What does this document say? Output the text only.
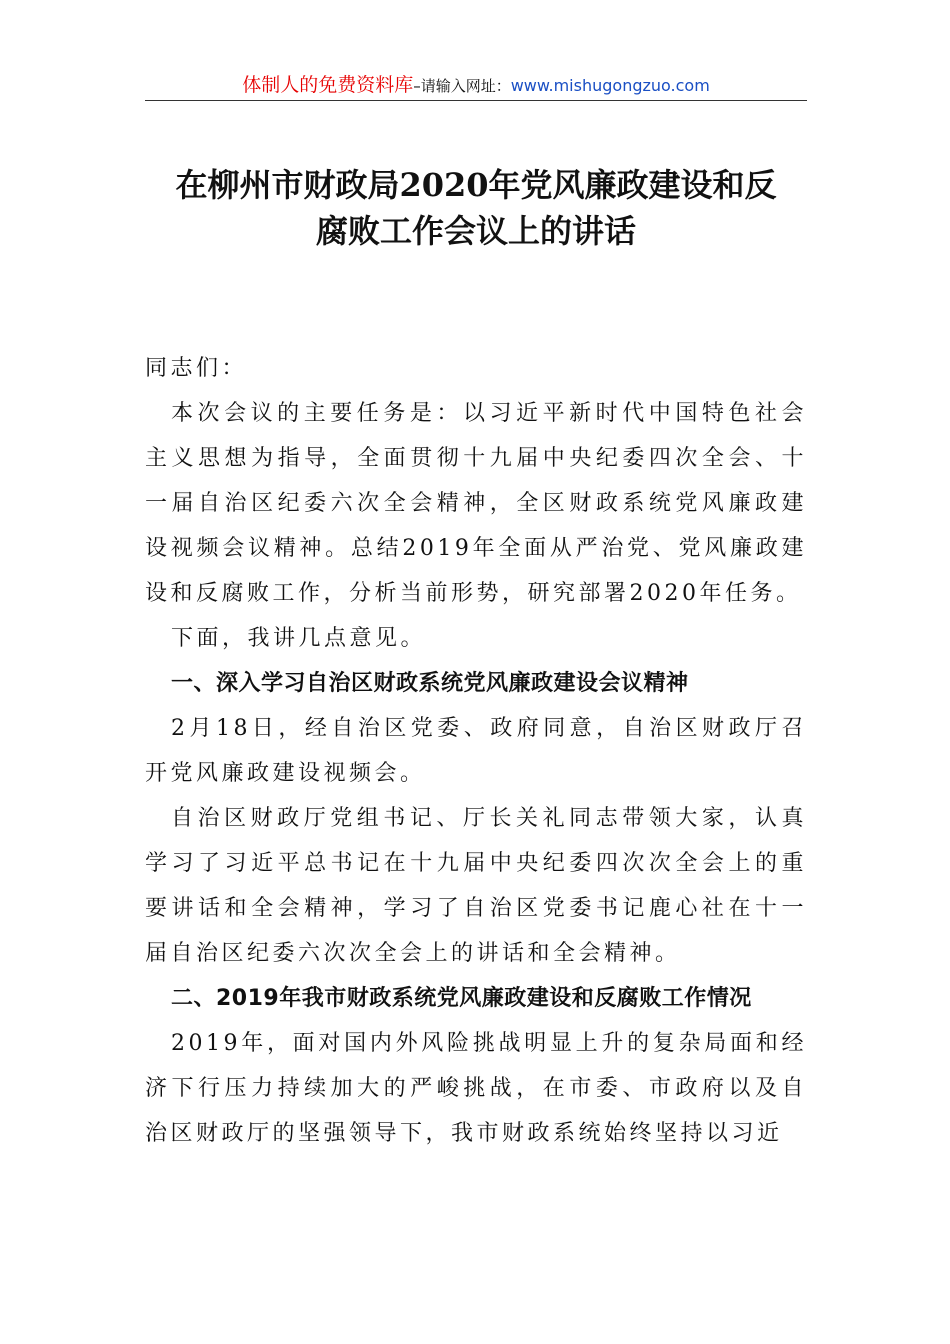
体制人的免费资料库–请输入网址：www.mishugongzuo.com
在柳州市财政局2020年党风廉政建设和反
腐败工作会议上的讲话

同志们：

本次会议的主要任务是：以习近平新时代中国特色社会主义思想为指导，全面贯彻十九届中央纪委四次全会、十一届自治区纪委六次全会精神，全区财政系统党风廉政建设视频会议精神。总结2019年全面从严治党、党风廉政建设和反腐败工作，分析当前形势，研究部署2020年任务。

下面，我讲几点意见。

一、深入学习自治区财政系统党风廉政建设会议精神

2月18日，经自治区党委、政府同意，自治区财政厅召开党风廉政建设视频会。

自治区财政厅党组书记、厅长关礼同志带领大家，认真学习了习近平总书记在十九届中央纪委四次次全会上的重要讲话和全会精神，学习了自治区党委书记鹿心社在十一届自治区纪委六次次全会上的讲话和全会精神。

二、2019年我市财政系统党风廉政建设和反腐败工作情况

2019年，面对国内外风险挑战明显上升的复杂局面和经济下行压力持续加大的严峻挑战，在市委、市政府以及自治区财政厅的坚强领导下，我市财政系统始终坚持以习近
